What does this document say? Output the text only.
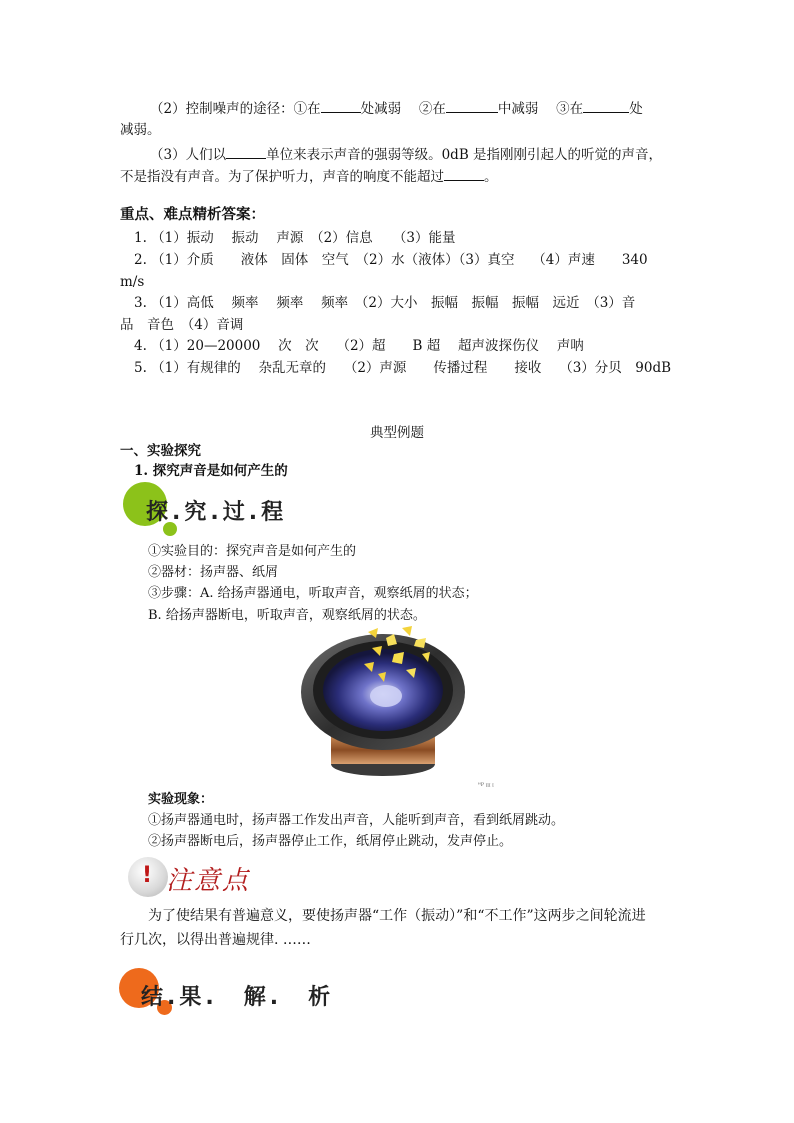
（2）控制噪声的途径：①在	处减弱　 ②在	中减弱　 ③在	处
减弱。
（3）人们以	单位来表示声音的强弱等级。0dB 是指刚刚引起人的听觉的声音，
不是指没有声音。为了保护听力，声音的响度不能超过	。
重点、难点精析答案：
1. （1）振动　 振动　 声源　（2）信息　　（3）能量
2. （1）介质　　液体　固体　空气　（2）水（液体）（3）真空　 （4）声速　　340
m/s
3. （1）高低　 频率　 频率　 频率　（2）大小　振幅　振幅　振幅　远近　（3）音
品　音色　（4）音调
4. （1）20—20000　 次　次　 （2）超　　B 超　 超声波探伤仪　 声呐
5. （1）有规律的　 杂乱无章的　 （2）声源　　传播过程　　接收　 （3）分贝　90dB
典型例题
一、实验探究
1. 探究声音是如何产生的
探.究.过.程
①实验目的：探究声音是如何产生的
②器材：扬声器、纸屑
③步骤：A. 给扬声器通电，听取声音，观察纸屑的状态；
B. 给扬声器断电，听取声音，观察纸屑的状态。
ꟸP ꞁꞁꞁ ꞁ
实验现象：
①扬声器通电时，扬声器工作发出声音，人能听到声音，看到纸屑跳动。
②扬声器断电后，扬声器停止工作，纸屑停止跳动，发声停止。
! 注意点
为了使结果有普遍意义，要使扬声器“工作（振动）”和“不工作”这两步之间轮流进
行几次，以得出普遍规律. ……
结.果.　解.　析
